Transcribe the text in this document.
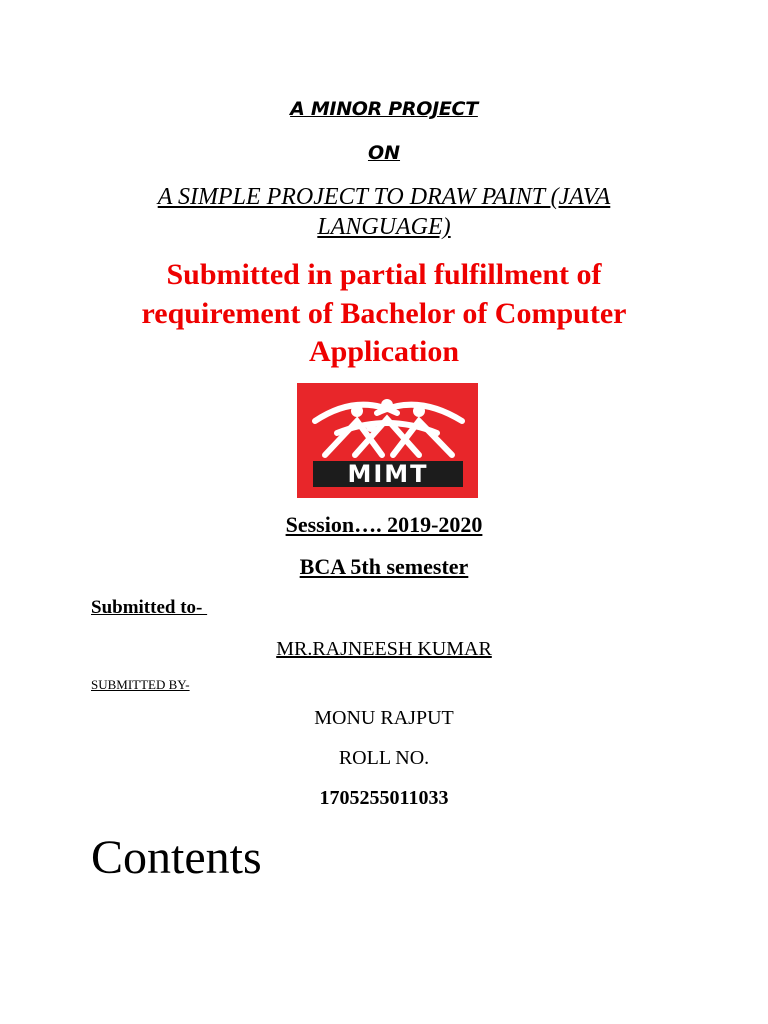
A MINOR PROJECT
ON
A SIMPLE PROJECT TO DRAW PAINT (JAVA LANGUAGE)
Submitted in partial fulfillment of requirement of Bachelor of Computer Application
MIMT
Session…. 2019-2020
BCA 5th semester
Submitted to-
MR.RAJNEESH KUMAR
SUBMITTED BY-
MONU RAJPUT
ROLL NO.
1705255011033
Contents
